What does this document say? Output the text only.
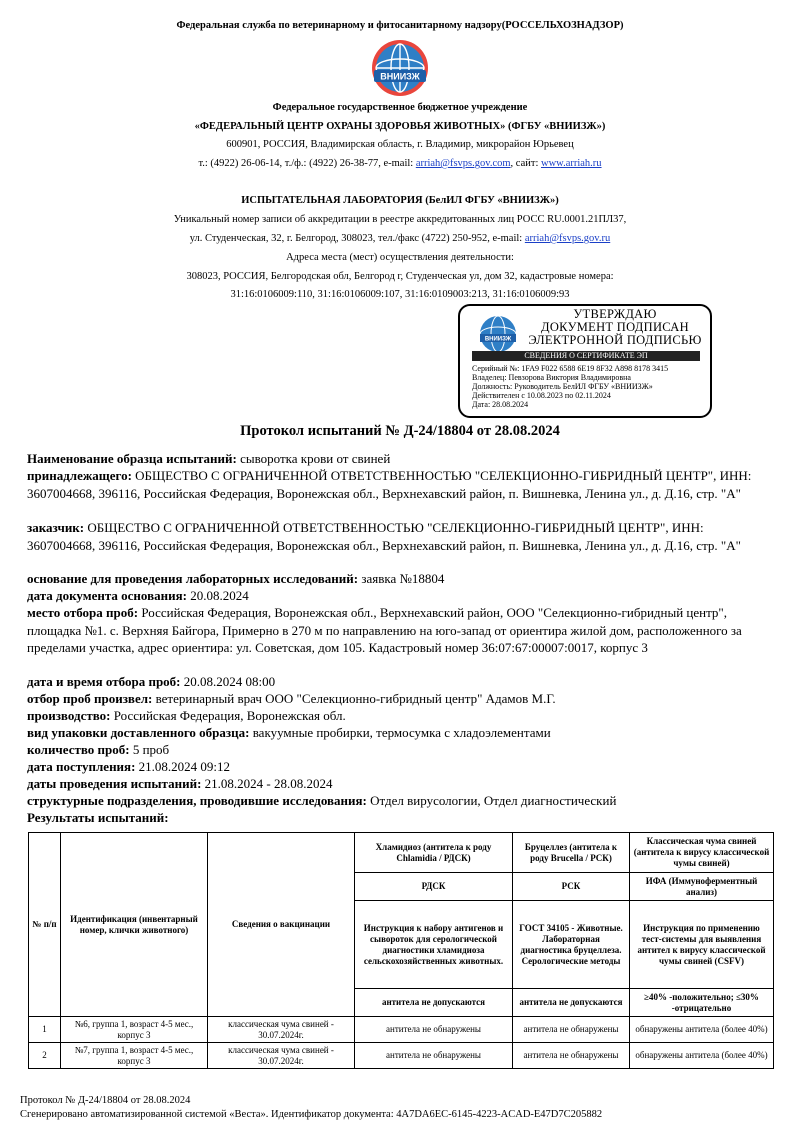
Федеральная служба по ветеринарному и фитосанитарному надзору(РОССЕЛЬХОЗНАДЗОР)
ВНИИЗЖ
Федеральное государственное бюджетное учреждение
«ФЕДЕРАЛЬНЫЙ ЦЕНТР ОХРАНЫ ЗДОРОВЬЯ ЖИВОТНЫХ» (ФГБУ «ВНИИЗЖ»)
600901, РОССИЯ, Владимирская область, г. Владимир, микрорайон Юрьевец
т.: (4922) 26-06-14, т./ф.: (4922) 26-38-77, e-mail: arriah@fsvps.gov.com, сайт: www.arriah.ru
ИСПЫТАТЕЛЬНАЯ ЛАБОРАТОРИЯ (БелИЛ ФГБУ «ВНИИЗЖ»)
Уникальный номер записи об аккредитации в реестре аккредитованных лиц РОСС RU.0001.21ПЛ37,
ул. Студенческая, 32, г. Белгород, 308023, тел./факс (4722) 250-952, e-mail: arriah@fsvps.gov.ru
Адреса места (мест) осуществления деятельности:
308023, РОССИЯ, Белгородская обл, Белгород г, Студенческая ул, дом 32, кадастровые номера:
31:16:0106009:110, 31:16:0106009:107, 31:16:0109003:213, 31:16:0106009:93
ВНИИЗЖ
УТВЕРЖДАЮ
ДОКУМЕНТ ПОДПИСАН
ЭЛЕКТРОННОЙ ПОДПИСЬЮ
СВЕДЕНИЯ О СЕРТИФИКАТЕ ЭП
Серийный №: 1FA9 F022 6588 6E19 8F32 A898 8178 3415
Владелец: Певзорова Виктория Владимировна
Должность: Руководитель БелИЛ ФГБУ «ВНИИЗЖ»
Действителен с 10.08.2023 по 02.11.2024
Дата: 28.08.2024
Протокол испытаний № Д-24/18804 от 28.08.2024
Наименование образца испытаний: сыворотка крови от свиней
принадлежащего: ОБЩЕСТВО С ОГРАНИЧЕННОЙ ОТВЕТСТВЕННОСТЬЮ "СЕЛЕКЦИОННО-ГИБРИДНЫЙ ЦЕНТР", ИНН: 3607004668, 396116, Российская Федерация, Воронежская обл., Верхнехавский район, п. Вишневка, Ленина ул., д. Д.16, стр. "А"
заказчик: ОБЩЕСТВО С ОГРАНИЧЕННОЙ ОТВЕТСТВЕННОСТЬЮ "СЕЛЕКЦИОННО-ГИБРИДНЫЙ ЦЕНТР", ИНН: 3607004668, 396116, Российская Федерация, Воронежская обл., Верхнехавский район, п. Вишневка, Ленина ул., д. Д.16, стр. "А"
основание для проведения лабораторных исследований: заявка №18804
дата документа основания: 20.08.2024
место отбора проб: Российская Федерация, Воронежская обл., Верхнехавский район, ООО "Селекционно-гибридный центр", площадка №1. с. Верхняя Байгора, Примерно в 270 м по направлению на юго-запад от ориентира жилой дом, расположенного за пределами участка, адрес ориентира: ул. Советская, дом 105. Кадастровый номер 36:07:67:00007:0017, корпус 3
дата и время отбора проб: 20.08.2024 08:00
отбор проб произвел: ветеринарный врач ООО "Селекционно-гибридный центр" Адамов М.Г.
производство: Российская Федерация, Воронежская обл.
вид упаковки доставленного образца: вакуумные пробирки, термосумка с хладоэлементами
количество проб: 5 проб
дата поступления: 21.08.2024 09:12
даты проведения испытаний: 21.08.2024 - 28.08.2024
структурные подразделения, проводившие исследования: Отдел вирусологии, Отдел диагностический
Результаты испытаний:
№ п/п	Идентификация (инвентарный номер, клички животного)	Сведения о вакцинации	Хламидиоз (антитела к роду Chlamidia / РДСК)	Бруцеллез (антитела к роду Brucella / РСК)	Классическая чума свиней (антитела к вирусу классической чумы свиней)
			РДСК	РСК	ИФА (Иммуноферментный анализ)
			Инструкция к набору антигенов и сывороток для серологической диагностики хламидиоза сельскохозяйственных животных.	ГОСТ 34105 - Животные. Лабораторная диагностика бруцеллеза. Серологические методы	Инструкция по применению тест-системы для выявления антител к вирусу классической чумы свиней (CSFV)
			антитела не допускаются	антитела не допускаются	≥40% -положительно; ≤30% -отрицательно
1	№6, группа 1, возраст 4-5 мес., корпус 3	классическая чума свиней - 30.07.2024г.	антитела не обнаружены	антитела не обнаружены	обнаружены антитела (более 40%)
2	№7, группа 1, возраст 4-5 мес., корпус 3	классическая чума свиней - 30.07.2024г.	антитела не обнаружены	антитела не обнаружены	обнаружены антитела (более 40%)
Протокол № Д-24/18804 от 28.08.2024
Сгенерировано автоматизированной системой «Веста». Идентификатор документа: 4A7DA6EC-6145-4223-ACAD-E47D7C205882
